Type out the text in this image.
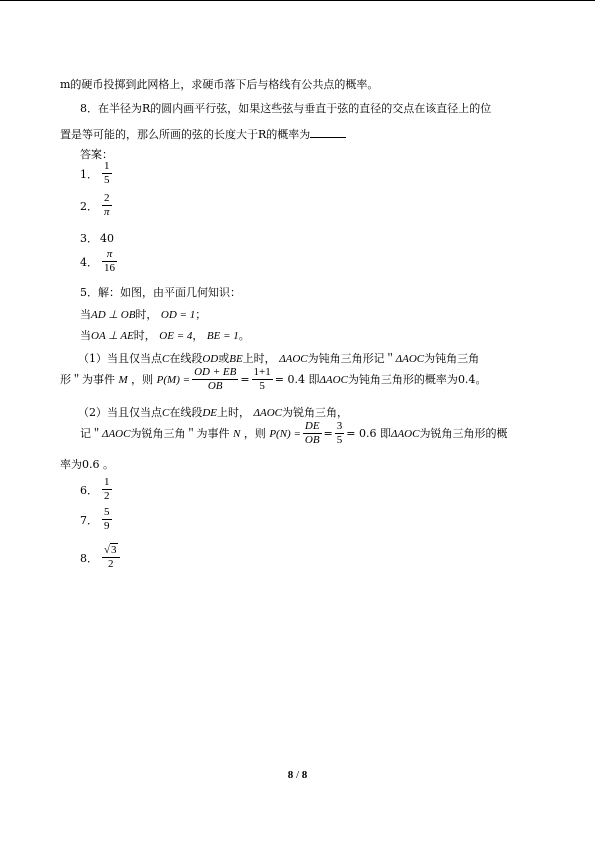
m的硬币投掷到此网格上，求硬币落下后与格线有公共点的概率。
8．在半径为R的圆内画平行弦，如果这些弦与垂直于弦的直径的交点在该直径上的位
置是等可能的，那么所画的弦的长度大于R的概率为
答案：
1． $\frac{1}{5}$
2． $\frac{2}{\pi}$
3． 40
4． $\frac{\pi}{16}$
5．解：如图，由平面几何知识：
当AD ⊥ OB时， OD = 1；
当OA ⊥ AE时， OE = 4， BE = 1。
（1）当且仅当点C在线段OD或BE上时， ΔAOC为钝角三角形记＂ΔAOC为钝角三角
形＂为事件
M
，则
$P(M) = \frac{OD + EB}{OB} = \frac{1+1}{5} = 0.4$
即 ΔAOC 为钝角三角形的概率为 0.4 。
（2）当且仅当点C在线段DE上时， ΔAOC为锐角三角，
记＂ ΔAOC 为锐角三角＂为事件
N
，则
$P(N) = \frac{DE}{OB} = \frac{3}{5} = 0.6$
即 ΔAOC 为锐角三角形的概
率为0.6 。
6． $\frac{1}{2}$
7． $\frac{5}{9}$
8． $\frac{√3}{2}$
8 / 8
